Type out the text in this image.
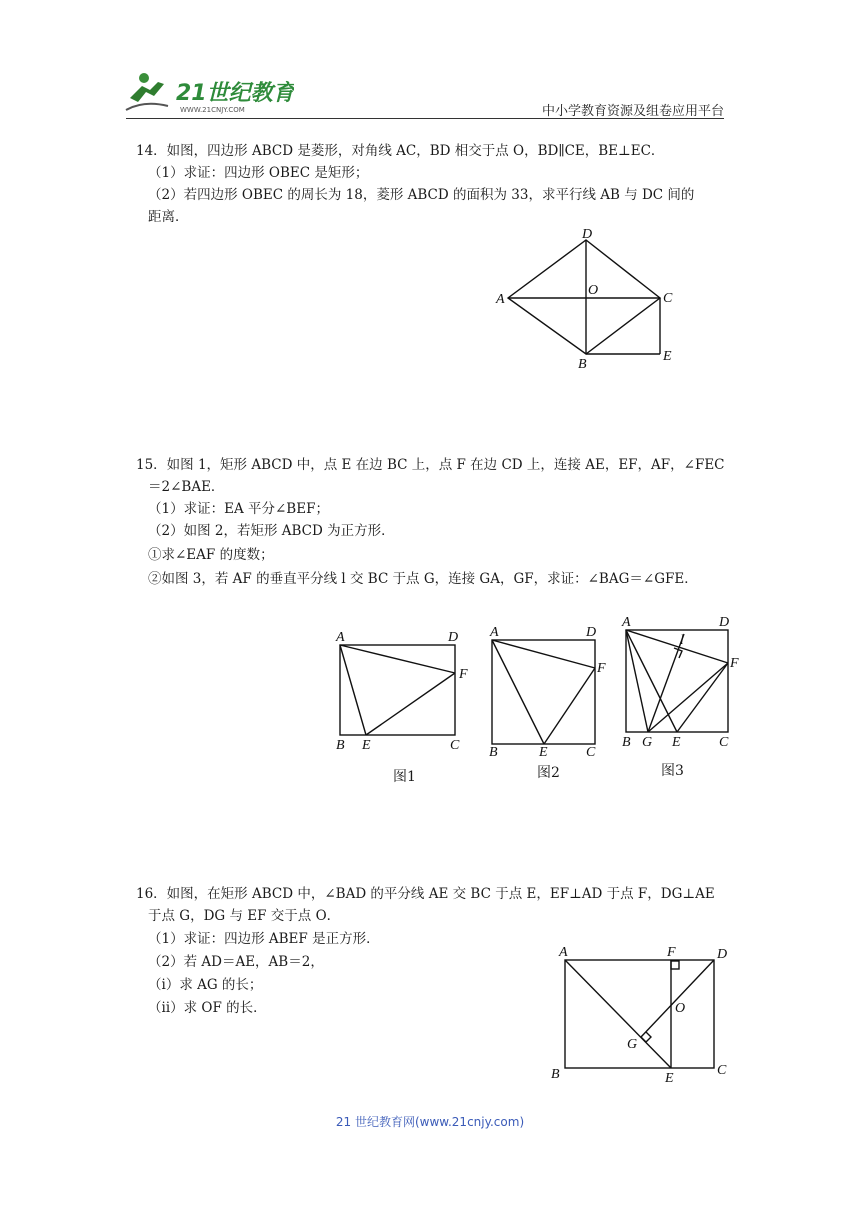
21世纪教育
WWW.21CNJY.COM	中小学教育资源及组卷应用平台
14．如图，四边形 ABCD 是菱形，对角线 AC，BD 相交于点 O，BD∥CE，BE⊥EC．
（1）求证：四边形 OBEC 是矩形；
（2）若四边形 OBEC 的周长为 18，菱形 ABCD 的面积为 33，求平行线 AB 与 DC 间的
距离．
D
A
O
C
B
E
15．如图 1，矩形 ABCD 中，点 E 在边 BC 上，点 F 在边 CD 上，连接 AE，EF，AF，∠FEC
＝2∠BAE．
（1）求证：EA 平分∠BEF；
（2）如图 2，若矩形 ABCD 为正方形．
①求∠EAF 的度数；
②如图 3，若 AF 的垂直平分线 l 交 BC 于点 G，连接 GA，GF，求证：∠BAG＝∠GFE．
A	D
F
B E	C
图1
A	D
F
B	E	C
图2
A	D
l
F
B G E	C
图3
16．如图，在矩形 ABCD 中，∠BAD 的平分线 AE 交 BC 于点 E，EF⊥AD 于点 F，DG⊥AE
于点 G，DG 与 EF 交于点 O．
（1）求证：四边形 ABEF 是正方形．
（2）若 AD＝AE，AB＝2，
（ⅰ）求 AG 的长；
（ⅱ）求 OF 的长．
A	F	D
O
G
B	E
C
21 世纪教育网(www.21cnjy.com)
